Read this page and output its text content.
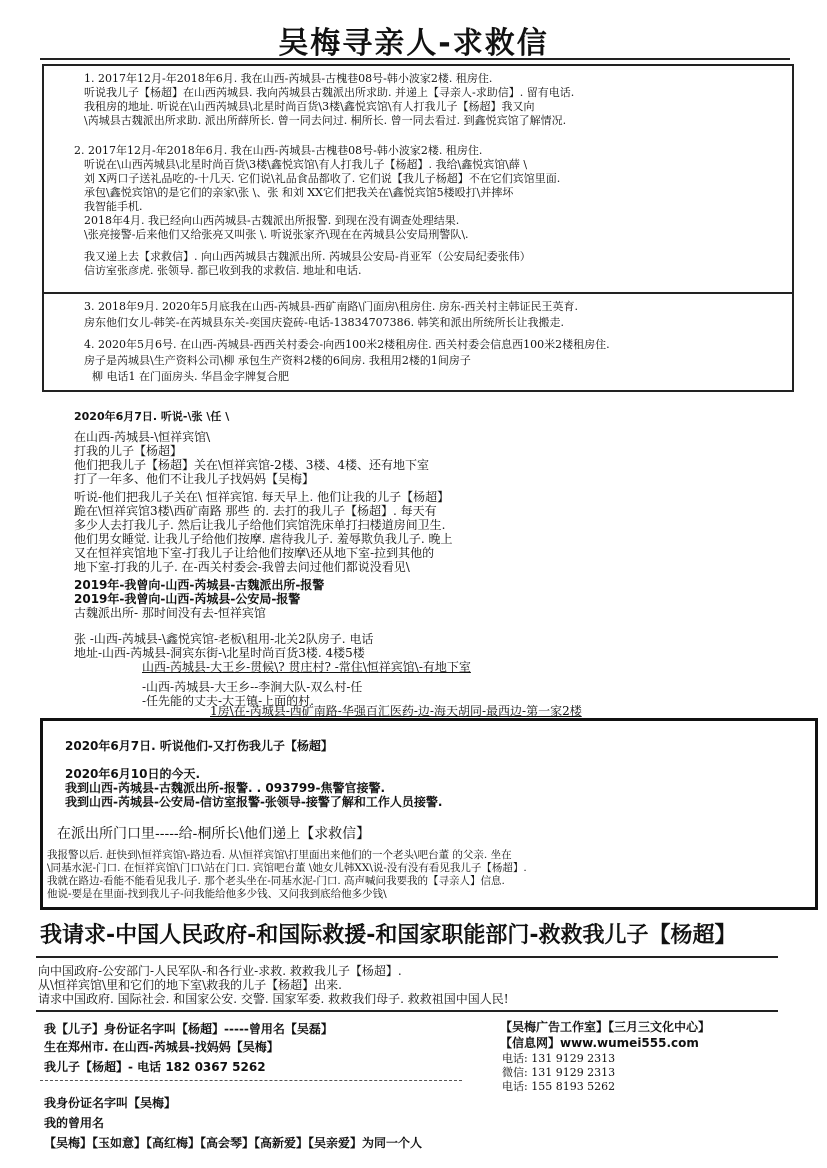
吴梅寻亲人-求救信
1. 2017年12月-年2018年6月. 我在山西-芮城县-古槐巷08号-韩小波家2楼. 租房住.
听说我儿子【杨超】在山西芮城县. 我向芮城县古魏派出所求助. 并递上【寻亲人-求助信】. 留有电话.
我租房的地址. 听说在\山西芮城县\北星时尚百货\3楼\鑫悦宾馆\有人打我儿子【杨超】我又向
\芮城县古魏派出所求助. 派出所薛所长. 曾一同去问过. 桐所长. 曾一同去看过. 到鑫悦宾馆了解情况.
2. 2017年12月-年2018年6月. 我在山西-芮城县-古槐巷08号-韩小波家2楼. 租房住.
听说在\山西芮城县\北星时尚百货\3楼\鑫悦宾馆\有人打我儿子【杨超】. 我给\鑫悦宾馆\薛 \
刘 X两口子送礼品吃的-十几天. 它们说\礼品食品都收了. 它们说【我儿子杨超】不在它们宾馆里面.
承包\鑫悦宾馆\的是它们的亲家\张 \、张 和刘 XX它们把我关在\鑫悦宾馆5楼殴打\并摔坏
我智能手机.
2018年4月. 我已经向山西芮城县-古魏派出所报警. 到现在没有调查处理结果.
\张亮接警-后来他们又给张亮又叫张 \. 听说张家齐\现在在芮城县公安局刑警队\.
我又递上去【求救信】. 向山西芮城县古魏派出所. 芮城县公安局-肖亚军（公安局纪委张伟）
信访室张彦虎. 张领导. 都已收到我的求救信. 地址和电话.
3. 2018年9月. 2020年5月底我在山西-芮城县-西矿南路\门面房\租房住. 房东-西关村主韩证民王英育.
房东他们女儿-韩笑-在芮城县东关-奕国庆瓷砖-电话-13834707386. 韩笑和派出所统所长让我搬走.
4. 2020年5月6号. 在山西-芮城县-西西关村委会-向西100米2楼租房住. 西关村委会信息西100米2楼租房住.
房子是芮城县\生产资料公司\柳 承包生产资料2楼的6间房. 我租用2楼的1间房子
柳 电话1 在门面房头. 华昌金字牌复合肥
2020年6月7日. 听说-\张 \任 \
在山西-芮城县-\恒祥宾馆\
打我的儿子【杨超】
他们把我儿子【杨超】关在\恒祥宾馆-2楼、3楼、4楼、还有地下室
打了一年多、他们不让我儿子找妈妈【吴梅】
听说-他们把我儿子关在\ 恒祥宾馆. 每天早上. 他们让我的儿子【杨超】
跪在\恒祥宾馆3楼\西矿南路 那些 的. 去打的我儿子【杨超】. 每天有
多少人去打我儿子. 然后让我儿子给他们宾馆洗床单打扫楼道房间卫生.
他们男女睡觉. 让我儿子给他们按摩. 虐待我儿子. 羞辱欺负我儿子. 晚上
又在恒祥宾馆地下室-打我儿子让给他们按摩\还从地下室-拉到其他的
地下室-打我的儿子. 在-西关村委会-我曾去问过他们都说没看见\
2019年-我曾向-山西-芮城县-古魏派出所-报警
2019年-我曾向-山西-芮城县-公安局-报警
古魏派出所- 那时间没有去-恒祥宾馆
张 -山西-芮城县-\鑫悦宾馆-老板\租用-北关2队房子. 电话
地址-山西-芮城县-洞宾东街-\北星时尚百货3楼. 4楼5楼
山西-芮城县-大王乡-贯候\? 贯庄村? -常住\恒祥宾馆\-有地下室
-山西-芮城县-大王乡--李涧大队-双么村-任
-任先能的丈夫-大王镇-上面的村.
1房\在-芮城县-西矿南路-华强百汇医药-边-海天胡同-最西边-第一家2楼
2020年6月7日. 听说他们-又打伤我儿子【杨超】
2020年6月10日的今天.
我到山西-芮城县-古魏派出所-报警. . 093799-焦警官接警.
我到山西-芮城县-公安局-信访室报警-张领导-接警了解和工作人员接警.
在派出所门口里-----给-桐所长\他们递上【求救信】
我报警以后. 赶快到\恒祥宾馆\-路边看. 从\恒祥宾馆\打里面出来他们的一个老头\吧台董 的父亲. 坐在
\同基水泥-门口. 在恒祥宾馆\门口\站在门口. 宾馆吧台董 \她女儿韩XX\说-没有没有看见我儿子【杨超】.
我就在路边-看能不能看见我儿子. 那个老头坐在-同基水泥-门口. 高声喊问我要我的【寻亲人】信息.
他说-要是在里面-找到我儿子-问我能给他多少钱、又问我到底给他多少钱\
我请求-中国人民政府-和国际救援-和国家职能部门-救救我儿子【杨超】
向中国政府-公安部门-人民军队-和各行业-求救. 救救我儿子【杨超】.
从\恒祥宾馆\里和它们的地下室\救我的儿子【杨超】出来.
请求中国政府. 国际社会. 和国家公安. 交警. 国家军委. 救救我们母子. 救救祖国中国人民!
我【儿子】身份证名字叫【杨超】-----曾用名【吴磊】
生在郑州市. 在山西-芮城县-找妈妈【吴梅】
我儿子【杨超】- 电话 182 0367 5262
我身份证名字叫【吴梅】
我的曾用名
【吴梅】【玉如意】【高红梅】【高会琴】【高新爱】【吴亲爱】为同一个人
【吴梅广告工作室】【三月三文化中心】
【信息网】www.wumei555.com
电话: 131 9129 2313
微信: 131 9129 2313
电话: 155 8193 5262
